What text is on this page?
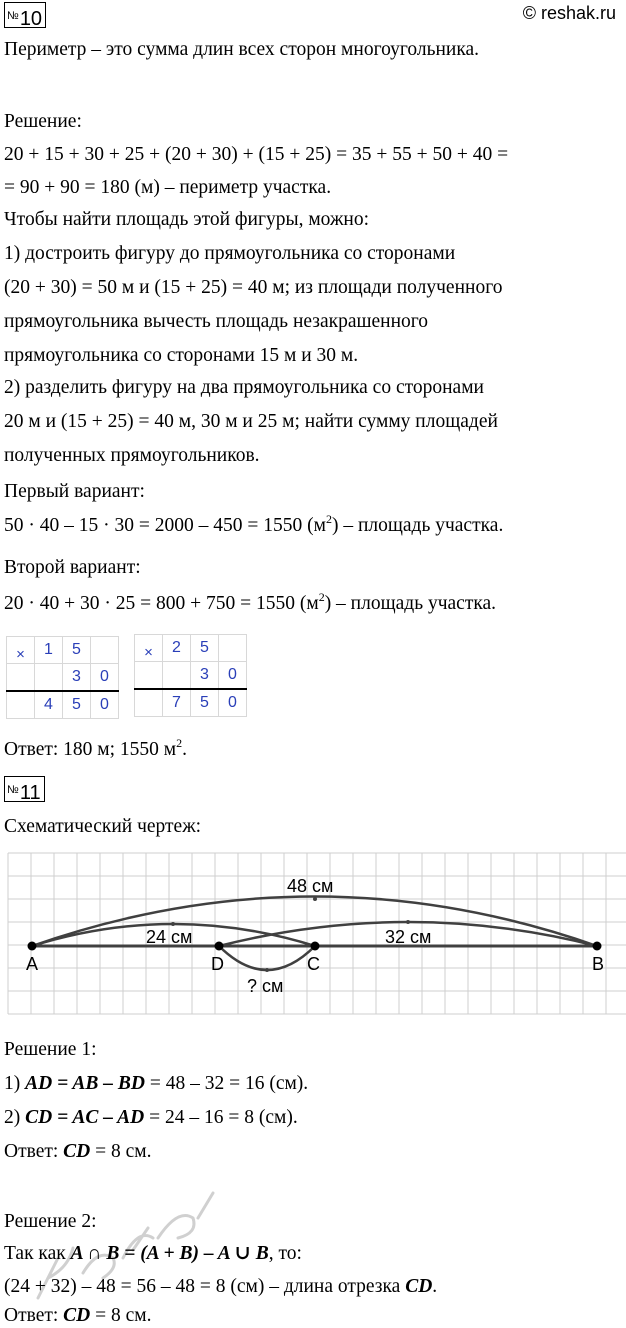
№10	© reshak.ru
Периметр – это сумма длин всех сторон многоугольника.
Решение:
20 + 15 + 30 + 25 + (20 + 30) + (15 + 25) = 35 + 55 + 50 + 40 =
= 90 + 90 = 180 (м) – периметр участка.
Чтобы найти площадь этой фигуры, можно:
1) достроить фигуру до прямоугольника со сторонами
(20 + 30) = 50 м и (15 + 25) = 40 м; из площади полученного
прямоугольника вычесть площадь незакрашенного
прямоугольника со сторонами 15 м и 30 м.
2) разделить фигуру на два прямоугольника со сторонами
20 м и (15 + 25) = 40 м, 30 м и 25 м; найти сумму площадей
полученных прямоугольников.
Первый вариант:
50 · 40 – 15 · 30 = 2000 – 450 = 1550 $(м^2)$ – площадь участка.
Второй вариант:
20 · 40 + 30 · 25 = 800 + 750 = 1550 $(м^2)$ – площадь участка.
×	1	5	
		3	0
	4	5	0
×	2	5	
		3	0
	7	5	0
Ответ: 180 м; 1550 $м^2$.
№11
Схематический чертеж:
48 см
24 см	32 см
? см
A	D	C	B
Решение 1:
1) AD = AB – BD = 48 – 32 = 16 (см).
2) CD = AC – AD = 24 – 16 = 8 (см).
Ответ: CD = 8 см.
Решение 2:
Так как A ∩ B = (A + B) – A ∪ B, то:
(24 + 32) – 48 = 56 – 48 = 8 (см) – длина отрезка CD.
Ответ: CD = 8 см.
